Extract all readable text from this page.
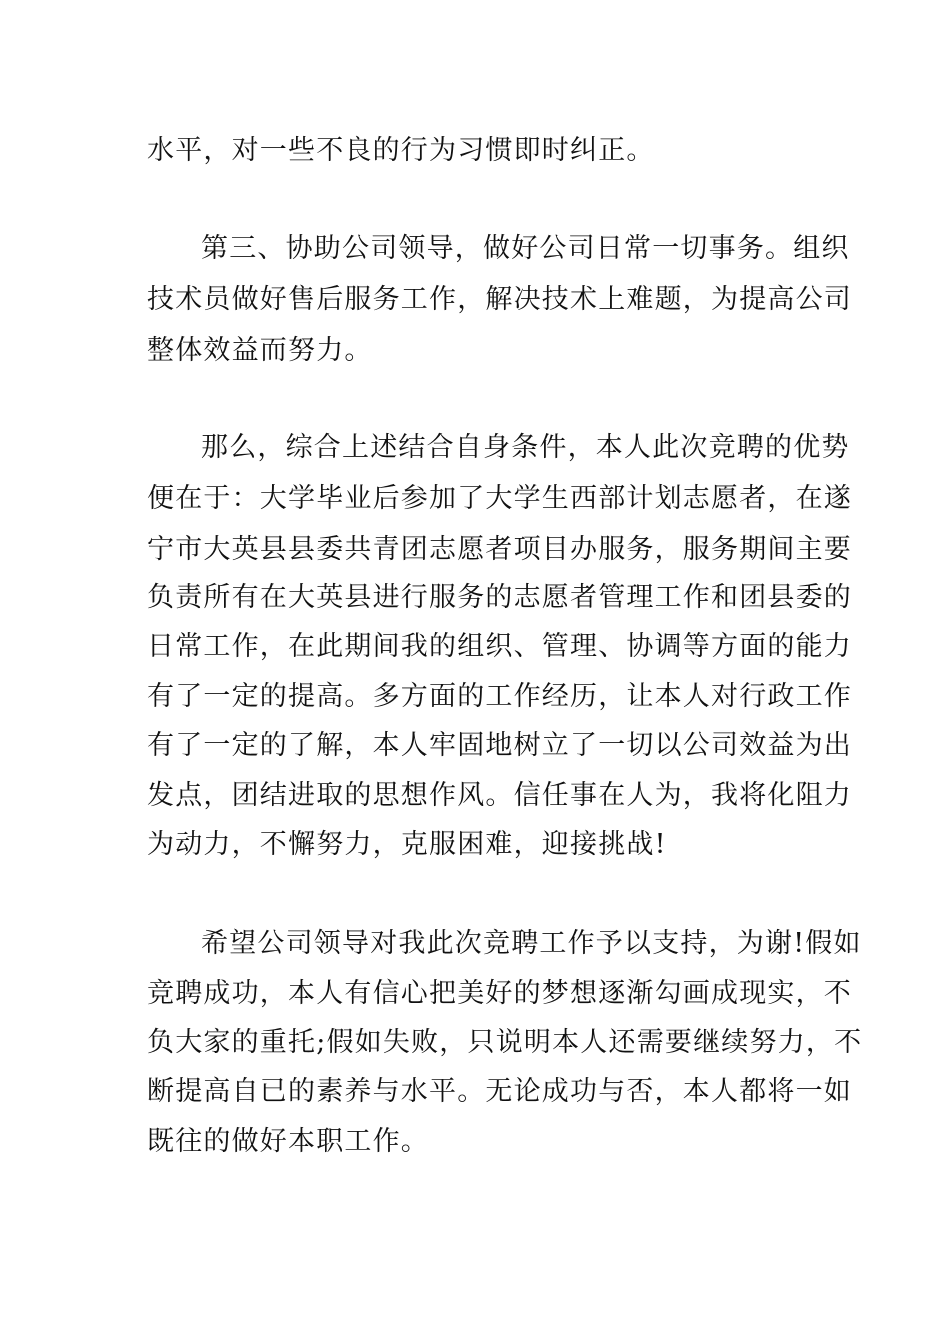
水平，对一些不良的行为习惯即时纠正。
第三、协助公司领导，做好公司日常一切事务。组织
技术员做好售后服务工作，解决技术上难题，为提高公司
整体效益而努力。
那么，综合上述结合自身条件，本人此次竞聘的优势
便在于：大学毕业后参加了大学生西部计划志愿者，在遂
宁市大英县县委共青团志愿者项目办服务，服务期间主要
负责所有在大英县进行服务的志愿者管理工作和团县委的
日常工作，在此期间我的组织、管理、协调等方面的能力
有了一定的提高。多方面的工作经历，让本人对行政工作
有了一定的了解，本人牢固地树立了一切以公司效益为出
发点，团结进取的思想作风。信任事在人为，我将化阻力
为动力，不懈努力，克服困难，迎接挑战!
希望公司领导对我此次竞聘工作予以支持，为谢!假如
竞聘成功，本人有信心把美好的梦想逐渐勾画成现实，不
负大家的重托;假如失败，只说明本人还需要继续努力，不
断提高自已的素养与水平。无论成功与否，本人都将一如
既往的做好本职工作。
